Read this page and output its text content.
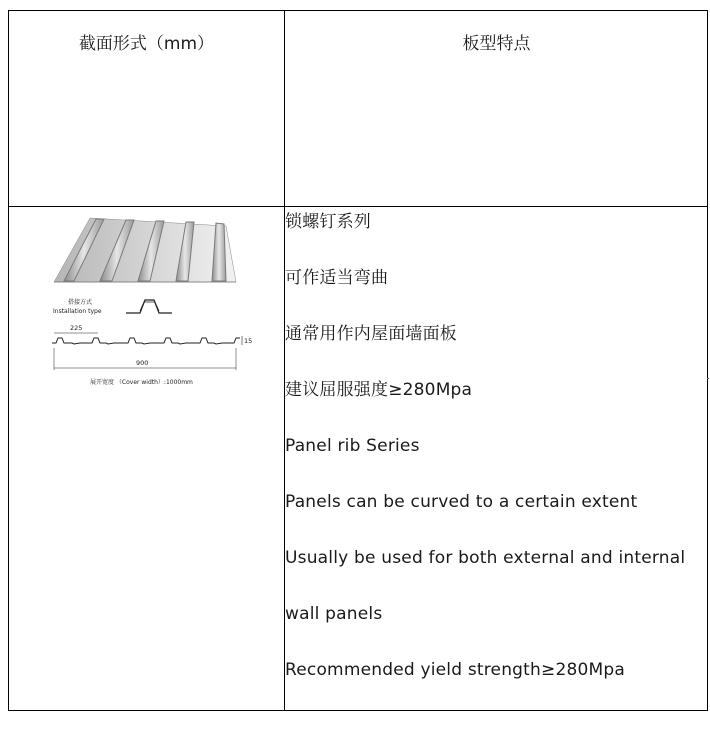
截面形式（mm）	板型特点
搭接方式
Installation type
225
15
900
展开宽度 （Cover width）:1000mm
锁螺钉系列
可作适当弯曲
通常用作内屋面墙面板
建议屈服强度≥280Mpa
Panel rib Series
Panels can be curved to a certain extent
Usually be used for both external and internal
wall panels
Recommended yield strength≥280Mpa
